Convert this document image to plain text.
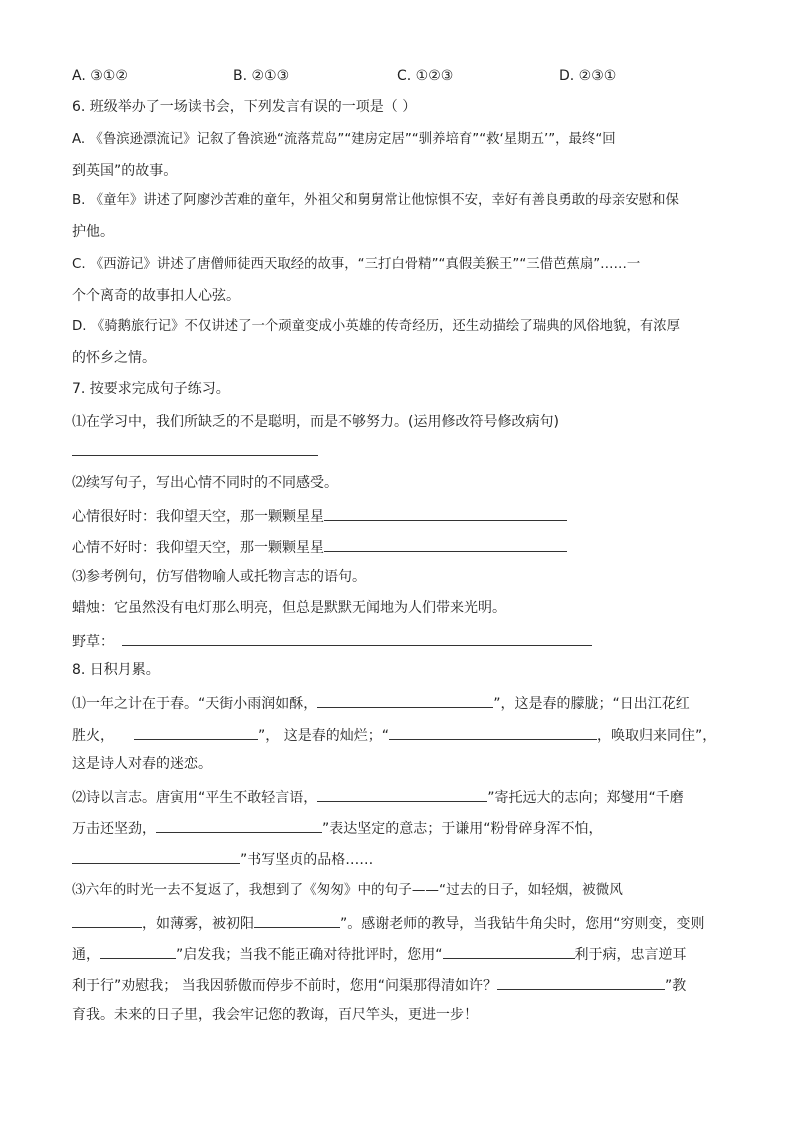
A. ③①②	B. ②①③	C. ①②③	D. ②③①
6. 班级举办了一场读书会，下列发言有误的一项是（ ）
A. 《鲁滨逊漂流记》记叙了鲁滨逊“流落荒岛”“建房定居”“驯养培育”“救‘星期五’”，最终“回
到英国”的故事。
B. 《童年》讲述了阿廖沙苦难的童年，外祖父和舅舅常让他惊惧不安，幸好有善良勇敢的母亲安慰和保
护他。
C. 《西游记》讲述了唐僧师徒西天取经的故事，“三打白骨精”“真假美猴王”“三借芭蕉扇”……一
个个离奇的故事扣人心弦。
D. 《骑鹅旅行记》不仅讲述了一个顽童变成小英雄的传奇经历，还生动描绘了瑞典的风俗地貌，有浓厚
的怀乡之情。
7. 按要求完成句子练习。
⑴在学习中，我们所缺乏的不是聪明，而是不够努力。(运用修改符号修改病句)
⑵续写句子，写出心情不同时的不同感受。
心情很好时：我仰望天空，那一颗颗星星
心情不好时：我仰望天空，那一颗颗星星
⑶参考例句，仿写借物喻人或托物言志的语句。
蜡烛：它虽然没有电灯那么明亮，但总是默默无闻地为人们带来光明。
野草：
8. 日积月累。
⑴一年之计在于春。“天街小雨润如酥，	”，这是春的朦胧；“日出江花红
胜火，	”， 这是春的灿烂；“	，唤取归来同住”，
这是诗人对春的迷恋。
⑵诗以言志。唐寅用“平生不敢轻言语，	”寄托远大的志向；郑燮用“千磨
万击还坚劲，	”表达坚定的意志；于谦用“粉骨碎身浑不怕，
”书写坚贞的品格……
⑶六年的时光一去不复返了，我想到了《匆匆》中的句子——“过去的日子，如轻烟，被微风
，如薄雾，被初阳	”。感谢老师的教导，当我钻牛角尖时，您用“穷则变，变则
通，	”启发我；当我不能正确对待批评时，您用“	利于病，忠言逆耳
利于行”劝慰我； 当我因骄傲而停步不前时，您用“问渠那得清如许？	”教
育我。未来的日子里，我会牢记您的教诲，百尺竿头，更进一步！
